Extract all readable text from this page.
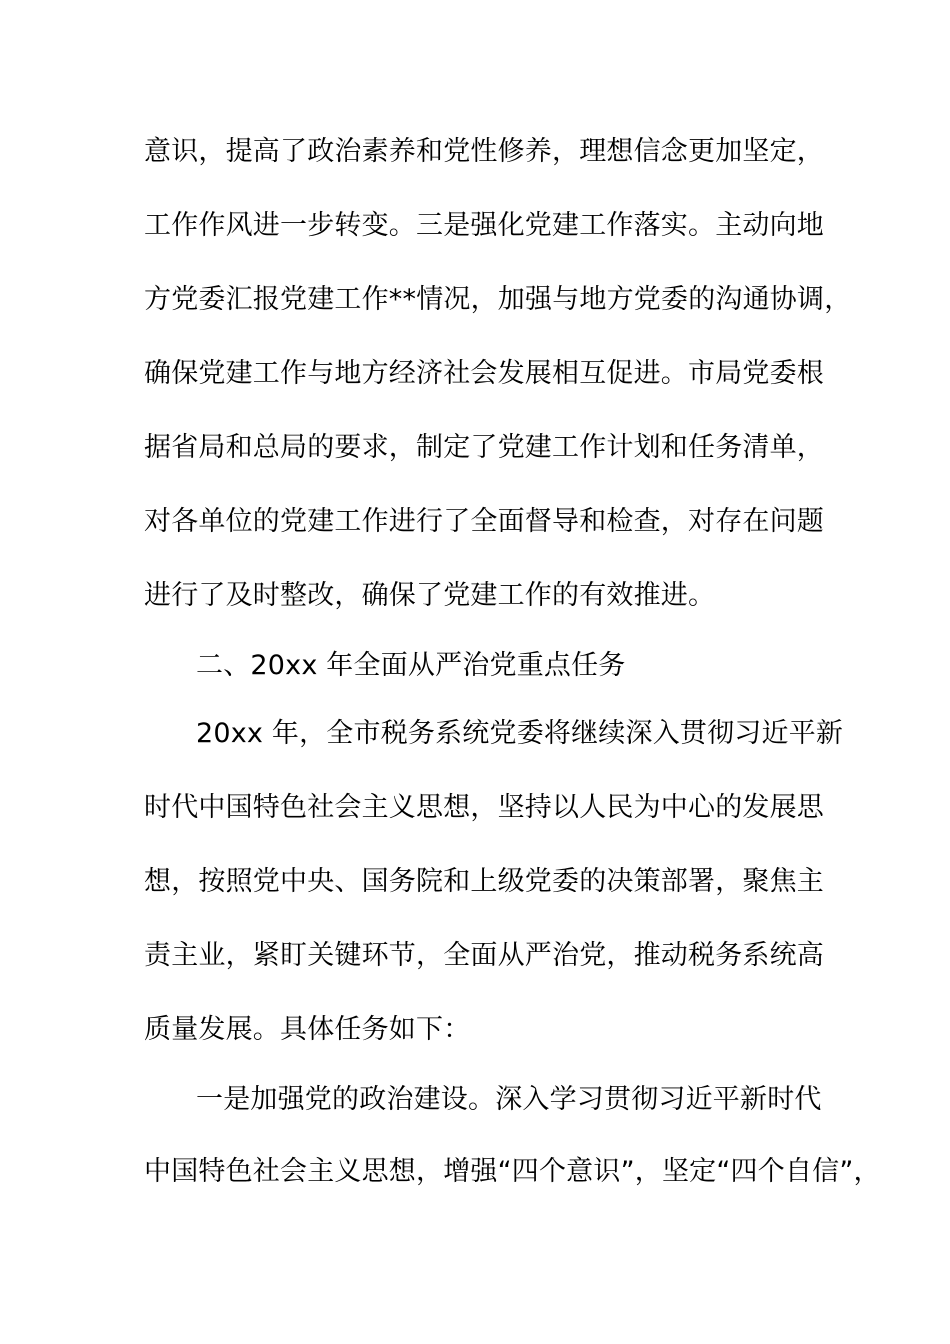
意识，提高了政治素养和党性修养，理想信念更加坚定，
工作作风进一步转变。三是强化党建工作落实。主动向地
方党委汇报党建工作**情况，加强与地方党委的沟通协调，
确保党建工作与地方经济社会发展相互促进。市局党委根
据省局和总局的要求，制定了党建工作计划和任务清单，
对各单位的党建工作进行了全面督导和检查，对存在问题
进行了及时整改，确保了党建工作的有效推进。
二、20xx 年全面从严治党重点任务
20xx 年，全市税务系统党委将继续深入贯彻习近平新
时代中国特色社会主义思想，坚持以人民为中心的发展思
想，按照党中央、国务院和上级党委的决策部署，聚焦主
责主业，紧盯关键环节，全面从严治党，推动税务系统高
质量发展。具体任务如下：
一是加强党的政治建设。深入学习贯彻习近平新时代
中国特色社会主义思想，增强“四个意识”，坚定“四个自信”，
